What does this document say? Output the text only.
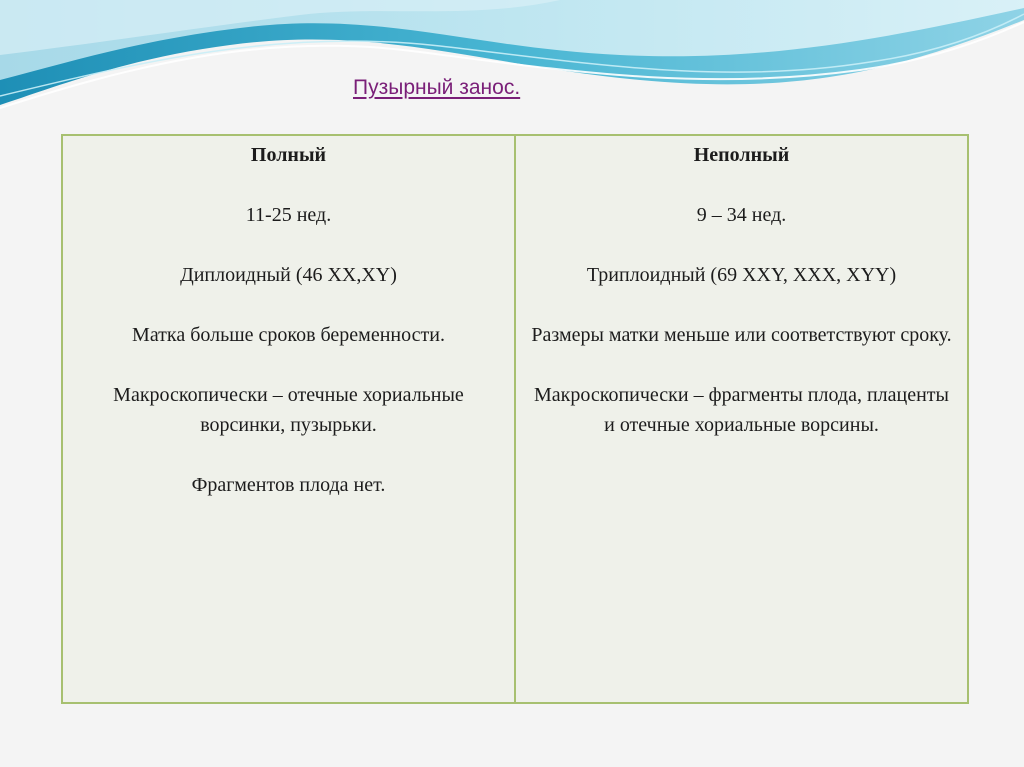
Пузырный занос.
Полный
11-25 нед.
Диплоидный (46 XX,XY)
Матка больше сроков беременности.
Макроскопически – отечные хориальные ворсинки, пузырьки.
Фрагментов плода нет.
Неполный
9 – 34 нед.
Триплоидный (69 XXY, XXX, XYY)
Размеры матки меньше или соответствуют сроку.
Макроскопически – фрагменты плода, плаценты и отечные хориальные ворсины.
